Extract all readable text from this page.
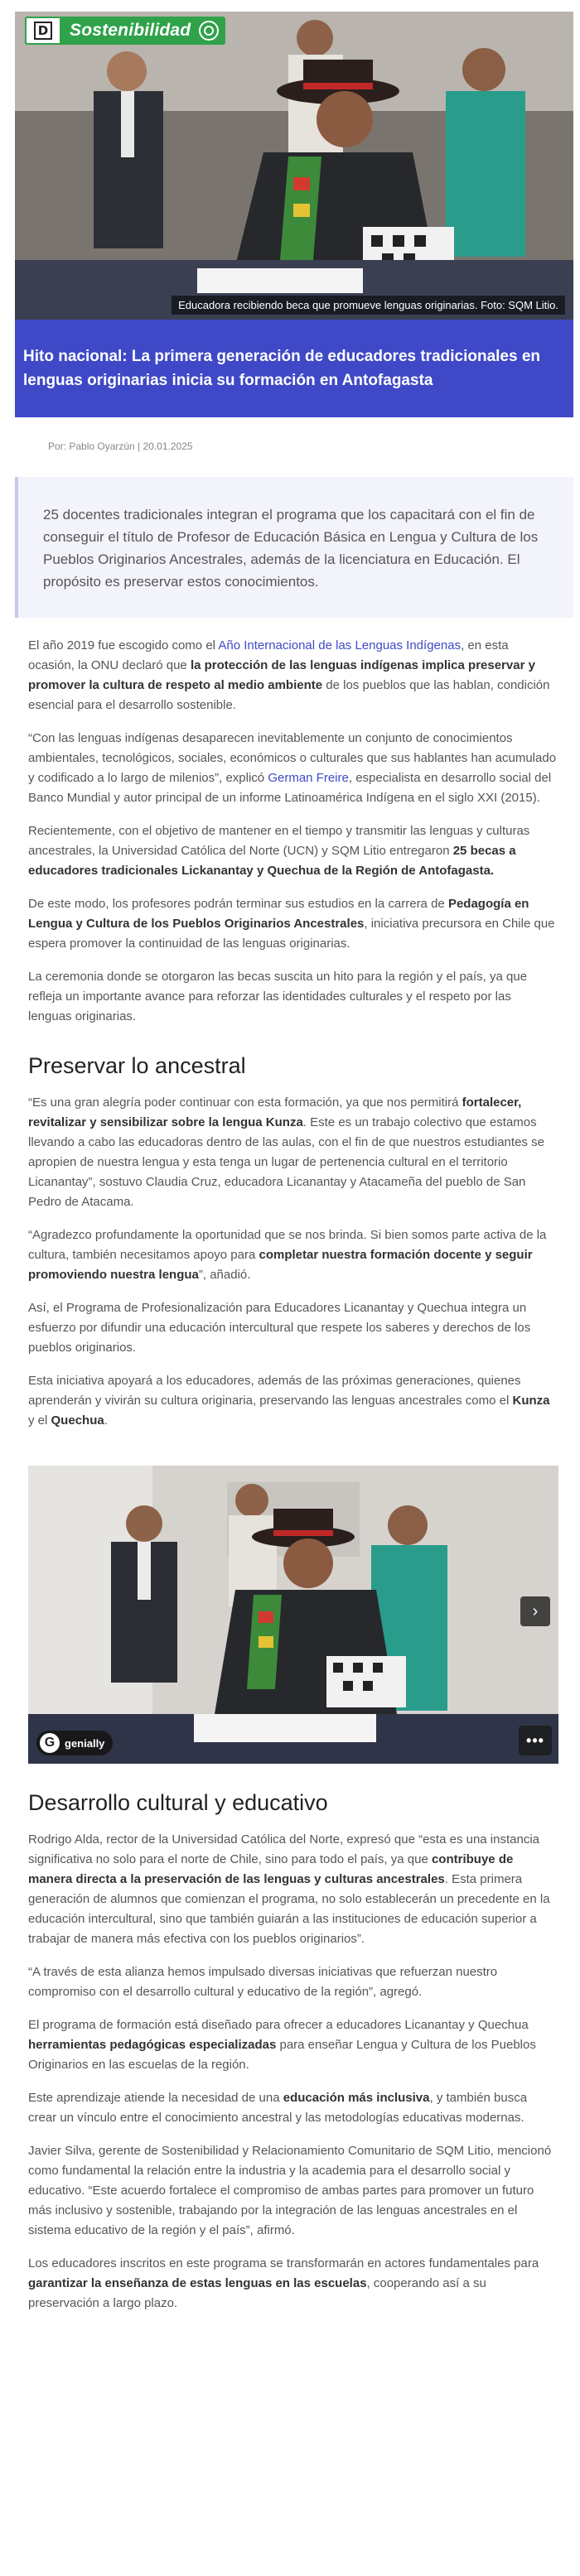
D	Sostenibilidad
Educadora recibiendo beca que promueve lenguas originarias. Foto: SQM Litio.
Hito nacional: La primera generación de educadores tradicionales en lenguas originarias inicia su formación en Antofagasta
Por: Pablo Oyarzún | 20.01.2025

25 docentes tradicionales integran el programa que los capacitará con el fin de conseguir el título de Profesor de Educación Básica en Lengua y Cultura de los Pueblos Originarios Ancestrales, además de la licenciatura en Educación. El propósito es preservar estos conocimientos.

El año 2019 fue escogido como el Año Internacional de las Lenguas Indígenas, en esta ocasión, la ONU declaró que la protección de las lenguas indígenas implica preservar y promover la cultura de respeto al medio ambiente de los pueblos que las hablan, condición esencial para el desarrollo sostenible.

“Con las lenguas indígenas desaparecen inevitablemente un conjunto de conocimientos ambientales, tecnológicos, sociales, económicos o culturales que sus hablantes han acumulado y codificado a lo largo de milenios”, explicó German Freire, especialista en desarrollo social del Banco Mundial y autor principal de un informe Latinoamérica Indígena en el siglo XXI (2015).

Recientemente, con el objetivo de mantener en el tiempo y transmitir las lenguas y culturas ancestrales, la Universidad Católica del Norte (UCN) y SQM Litio entregaron 25 becas a educadores tradicionales Lickanantay y Quechua de la Región de Antofagasta.

De este modo, los profesores podrán terminar sus estudios en la carrera de Pedagogía en Lengua y Cultura de los Pueblos Originarios Ancestrales, iniciativa precursora en Chile que espera promover la continuidad de las lenguas originarias.

La ceremonia donde se otorgaron las becas suscita un hito para la región y el país, ya que refleja un importante avance para reforzar las identidades culturales y el respeto por las lenguas originarias.

Preservar lo ancestral

“Es una gran alegría poder continuar con esta formación, ya que nos permitirá fortalecer, revitalizar y sensibilizar sobre la lengua Kunza. Este es un trabajo colectivo que estamos llevando a cabo las educadoras dentro de las aulas, con el fin de que nuestros estudiantes se apropien de nuestra lengua y esta tenga un lugar de pertenencia cultural en el territorio Licanantay”, sostuvo Claudia Cruz, educadora Licanantay y Atacameña del pueblo de San Pedro de Atacama.

“Agradezco profundamente la oportunidad que se nos brinda. Si bien somos parte activa de la cultura, también necesitamos apoyo para completar nuestra formación docente y seguir promoviendo nuestra lengua”, añadió.

Así, el Programa de Profesionalización para Educadores Licanantay y Quechua integra un esfuerzo por difundir una educación intercultural que respete los saberes y derechos de los pueblos originarios.

Esta iniciativa apoyará a los educadores, además de las próximas generaciones, quienes aprenderán y vivirán su cultura originaria, preservando las lenguas ancestrales como el Kunza y el Quechua.

›
G genially	•••
Desarrollo cultural y educativo

Rodrigo Alda, rector de la Universidad Católica del Norte, expresó que “esta es una instancia significativa no solo para el norte de Chile, sino para todo el país, ya que contribuye de manera directa a la preservación de las lenguas y culturas ancestrales. Esta primera generación de alumnos que comienzan el programa, no solo establecerán un precedente en la educación intercultural, sino que también guiarán a las instituciones de educación superior a trabajar de manera más efectiva con los pueblos originarios”.

“A través de esta alianza hemos impulsado diversas iniciativas que refuerzan nuestro compromiso con el desarrollo cultural y educativo de la región”, agregó.

El programa de formación está diseñado para ofrecer a educadores Licanantay y Quechua herramientas pedagógicas especializadas para enseñar Lengua y Cultura de los Pueblos Originarios en las escuelas de la región.

Este aprendizaje atiende la necesidad de una educación más inclusiva, y también busca crear un vínculo entre el conocimiento ancestral y las metodologías educativas modernas.

Javier Silva, gerente de Sostenibilidad y Relacionamiento Comunitario de SQM Litio, mencionó como fundamental la relación entre la industria y la academia para el desarrollo social y educativo. “Este acuerdo fortalece el compromiso de ambas partes para promover un futuro más inclusivo y sostenible, trabajando por la integración de las lenguas ancestrales en el sistema educativo de la región y el país”, afirmó.

Los educadores inscritos en este programa se transformarán en actores fundamentales para garantizar la enseñanza de estas lenguas en las escuelas, cooperando así a su preservación a largo plazo.
